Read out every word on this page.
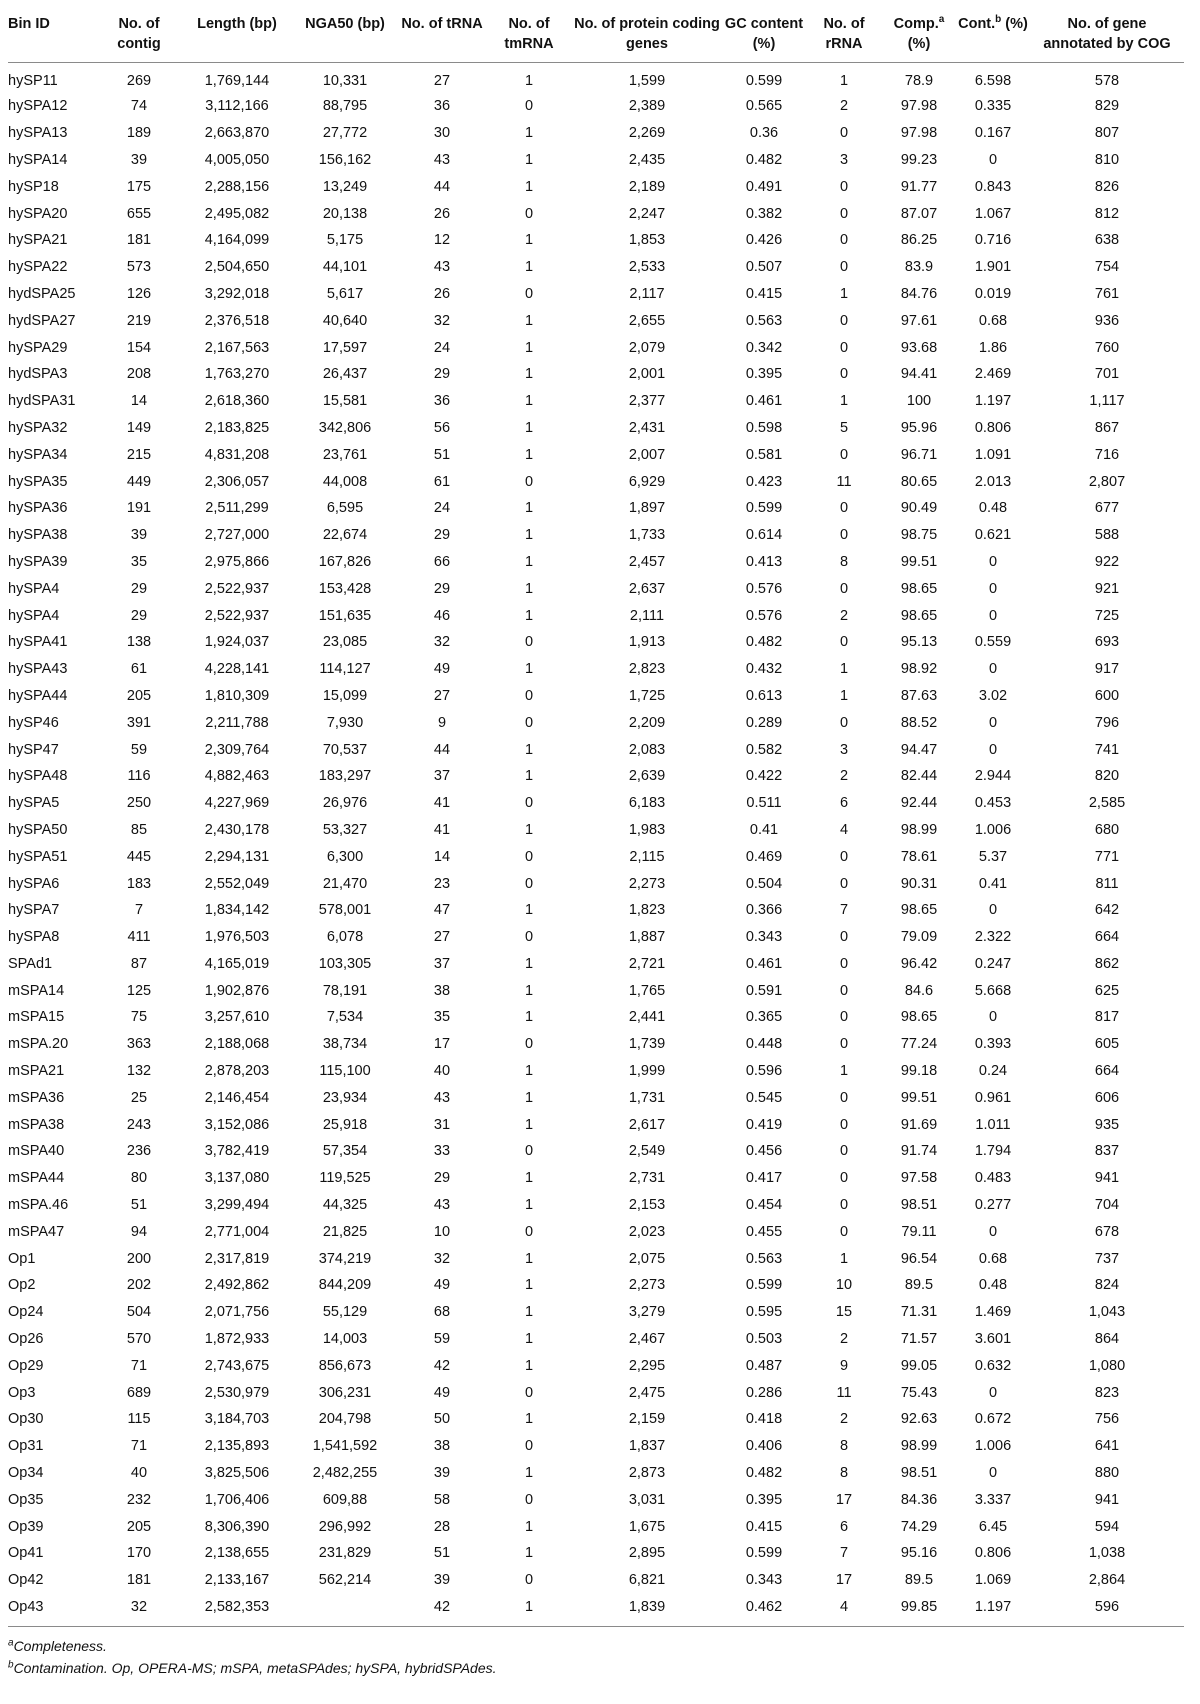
Bin ID	No. of contig	Length (bp)	NGA50 (bp)	No. of tRNA	No. of tmRNA	No. of protein coding genes	GC content (%)	No. of rRNA	Comp.$^a$ (%)	Cont.$^b$ (%)	No. of gene annotated by COG
hySP11	269	1,769,144	10,331	27	1	1,599	0.599	1	78.9	6.598	578
hySPA12	74	3,112,166	88,795	36	0	2,389	0.565	2	97.98	0.335	829
hySPA13	189	2,663,870	27,772	30	1	2,269	0.36	0	97.98	0.167	807
hySPA14	39	4,005,050	156,162	43	1	2,435	0.482	3	99.23	0	810
hySP18	175	2,288,156	13,249	44	1	2,189	0.491	0	91.77	0.843	826
hySPA20	655	2,495,082	20,138	26	0	2,247	0.382	0	87.07	1.067	812
hySPA21	181	4,164,099	5,175	12	1	1,853	0.426	0	86.25	0.716	638
hySPA22	573	2,504,650	44,101	43	1	2,533	0.507	0	83.9	1.901	754
hydSPA25	126	3,292,018	5,617	26	0	2,117	0.415	1	84.76	0.019	761
hydSPA27	219	2,376,518	40,640	32	1	2,655	0.563	0	97.61	0.68	936
hySPA29	154	2,167,563	17,597	24	1	2,079	0.342	0	93.68	1.86	760
hydSPA3	208	1,763,270	26,437	29	1	2,001	0.395	0	94.41	2.469	701
hydSPA31	14	2,618,360	15,581	36	1	2,377	0.461	1	100	1.197	1,117
hySPA32	149	2,183,825	342,806	56	1	2,431	0.598	5	95.96	0.806	867
hySPA34	215	4,831,208	23,761	51	1	2,007	0.581	0	96.71	1.091	716
hySPA35	449	2,306,057	44,008	61	0	6,929	0.423	11	80.65	2.013	2,807
hySPA36	191	2,511,299	6,595	24	1	1,897	0.599	0	90.49	0.48	677
hySPA38	39	2,727,000	22,674	29	1	1,733	0.614	0	98.75	0.621	588
hySPA39	35	2,975,866	167,826	66	1	2,457	0.413	8	99.51	0	922
hySPA4	29	2,522,937	153,428	29	1	2,637	0.576	0	98.65	0	921
hySPA4	29	2,522,937	151,635	46	1	2,111	0.576	2	98.65	0	725
hySPA41	138	1,924,037	23,085	32	0	1,913	0.482	0	95.13	0.559	693
hySPA43	61	4,228,141	114,127	49	1	2,823	0.432	1	98.92	0	917
hySPA44	205	1,810,309	15,099	27	0	1,725	0.613	1	87.63	3.02	600
hySP46	391	2,211,788	7,930	9	0	2,209	0.289	0	88.52	0	796
hySP47	59	2,309,764	70,537	44	1	2,083	0.582	3	94.47	0	741
hySPA48	116	4,882,463	183,297	37	1	2,639	0.422	2	82.44	2.944	820
hySPA5	250	4,227,969	26,976	41	0	6,183	0.511	6	92.44	0.453	2,585
hySPA50	85	2,430,178	53,327	41	1	1,983	0.41	4	98.99	1.006	680
hySPA51	445	2,294,131	6,300	14	0	2,115	0.469	0	78.61	5.37	771
hySPA6	183	2,552,049	21,470	23	0	2,273	0.504	0	90.31	0.41	811
hySPA7	7	1,834,142	578,001	47	1	1,823	0.366	7	98.65	0	642
hySPA8	411	1,976,503	6,078	27	0	1,887	0.343	0	79.09	2.322	664
SPAd1	87	4,165,019	103,305	37	1	2,721	0.461	0	96.42	0.247	862
mSPA14	125	1,902,876	78,191	38	1	1,765	0.591	0	84.6	5.668	625
mSPA15	75	3,257,610	7,534	35	1	2,441	0.365	0	98.65	0	817
mSPA.20	363	2,188,068	38,734	17	0	1,739	0.448	0	77.24	0.393	605
mSPA21	132	2,878,203	115,100	40	1	1,999	0.596	1	99.18	0.24	664
mSPA36	25	2,146,454	23,934	43	1	1,731	0.545	0	99.51	0.961	606
mSPA38	243	3,152,086	25,918	31	1	2,617	0.419	0	91.69	1.011	935
mSPA40	236	3,782,419	57,354	33	0	2,549	0.456	0	91.74	1.794	837
mSPA44	80	3,137,080	119,525	29	1	2,731	0.417	0	97.58	0.483	941
mSPA.46	51	3,299,494	44,325	43	1	2,153	0.454	0	98.51	0.277	704
mSPA47	94	2,771,004	21,825	10	0	2,023	0.455	0	79.11	0	678
Op1	200	2,317,819	374,219	32	1	2,075	0.563	1	96.54	0.68	737
Op2	202	2,492,862	844,209	49	1	2,273	0.599	10	89.5	0.48	824
Op24	504	2,071,756	55,129	68	1	3,279	0.595	15	71.31	1.469	1,043
Op26	570	1,872,933	14,003	59	1	2,467	0.503	2	71.57	3.601	864
Op29	71	2,743,675	856,673	42	1	2,295	0.487	9	99.05	0.632	1,080
Op3	689	2,530,979	306,231	49	0	2,475	0.286	11	75.43	0	823
Op30	115	3,184,703	204,798	50	1	2,159	0.418	2	92.63	0.672	756
Op31	71	2,135,893	1,541,592	38	0	1,837	0.406	8	98.99	1.006	641
Op34	40	3,825,506	2,482,255	39	1	2,873	0.482	8	98.51	0	880
Op35	232	1,706,406	609,88	58	0	3,031	0.395	17	84.36	3.337	941
Op39	205	8,306,390	296,992	28	1	1,675	0.415	6	74.29	6.45	594
Op41	170	2,138,655	231,829	51	1	2,895	0.599	7	95.16	0.806	1,038
Op42	181	2,133,167	562,214	39	0	6,821	0.343	17	89.5	1.069	2,864
Op43	32	2,582,353		42	1	1,839	0.462	4	99.85	1.197	596
$^a$Completeness.
$^b$Contamination. Op, OPERA-MS; mSPA, metaSPAdes; hySPA, hybridSPAdes.
